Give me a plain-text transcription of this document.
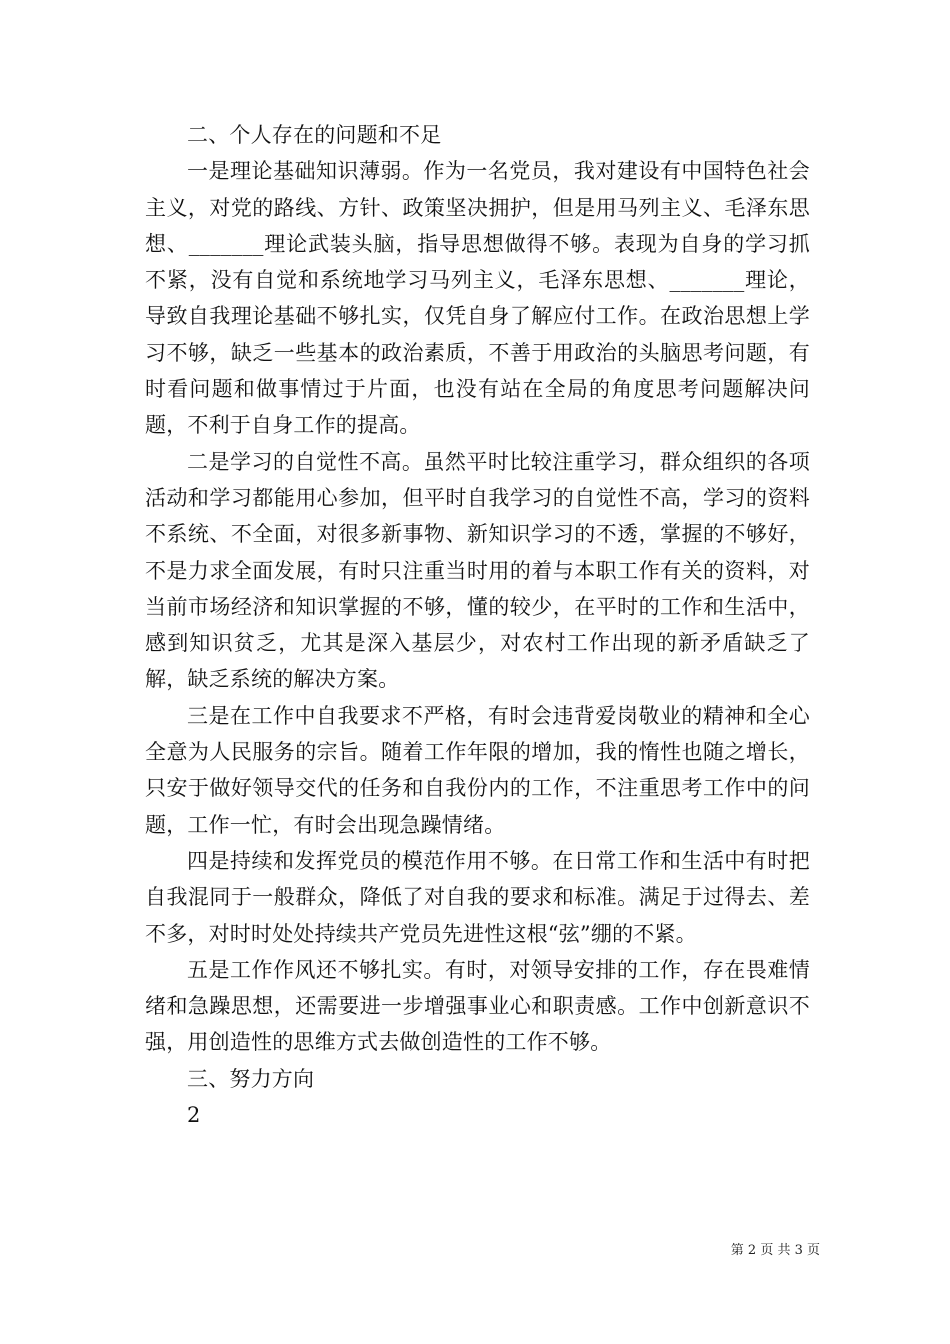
二、个人存在的问题和不足

一是理论基础知识薄弱。作为一名党员，我对建设有中国特色社会主义，对党的路线、方针、政策坚决拥护，但是用马列主义、毛泽东思想、_______理论武装头脑，指导思想做得不够。表现为自身的学习抓不紧，没有自觉和系统地学习马列主义，毛泽东思想、_______理论，导致自我理论基础不够扎实，仅凭自身了解应付工作。在政治思想上学习不够，缺乏一些基本的政治素质，不善于用政治的头脑思考问题，有时看问题和做事情过于片面，也没有站在全局的角度思考问题解决问题，不利于自身工作的提高。

二是学习的自觉性不高。虽然平时比较注重学习，群众组织的各项活动和学习都能用心参加，但平时自我学习的自觉性不高，学习的资料不系统、不全面，对很多新事物、新知识学习的不透，掌握的不够好，不是力求全面发展，有时只注重当时用的着与本职工作有关的资料，对当前市场经济和知识掌握的不够，懂的较少，在平时的工作和生活中，感到知识贫乏，尤其是深入基层少，对农村工作出现的新矛盾缺乏了解，缺乏系统的解决方案。

三是在工作中自我要求不严格，有时会违背爱岗敬业的精神和全心全意为人民服务的宗旨。随着工作年限的增加，我的惰性也随之增长，只安于做好领导交代的任务和自我份内的工作，不注重思考工作中的问题，工作一忙，有时会出现急躁情绪。

四是持续和发挥党员的模范作用不够。在日常工作和生活中有时把自我混同于一般群众，降低了对自我的要求和标准。满足于过得去、差不多，对时时处处持续共产党员先进性这根“弦”绷的不紧。

五是工作作风还不够扎实。有时，对领导安排的工作，存在畏难情绪和急躁思想，还需要进一步增强事业心和职责感。工作中创新意识不强，用创造性的思维方式去做创造性的工作不够。

三、努力方向

2

第 2 页 共 3 页
